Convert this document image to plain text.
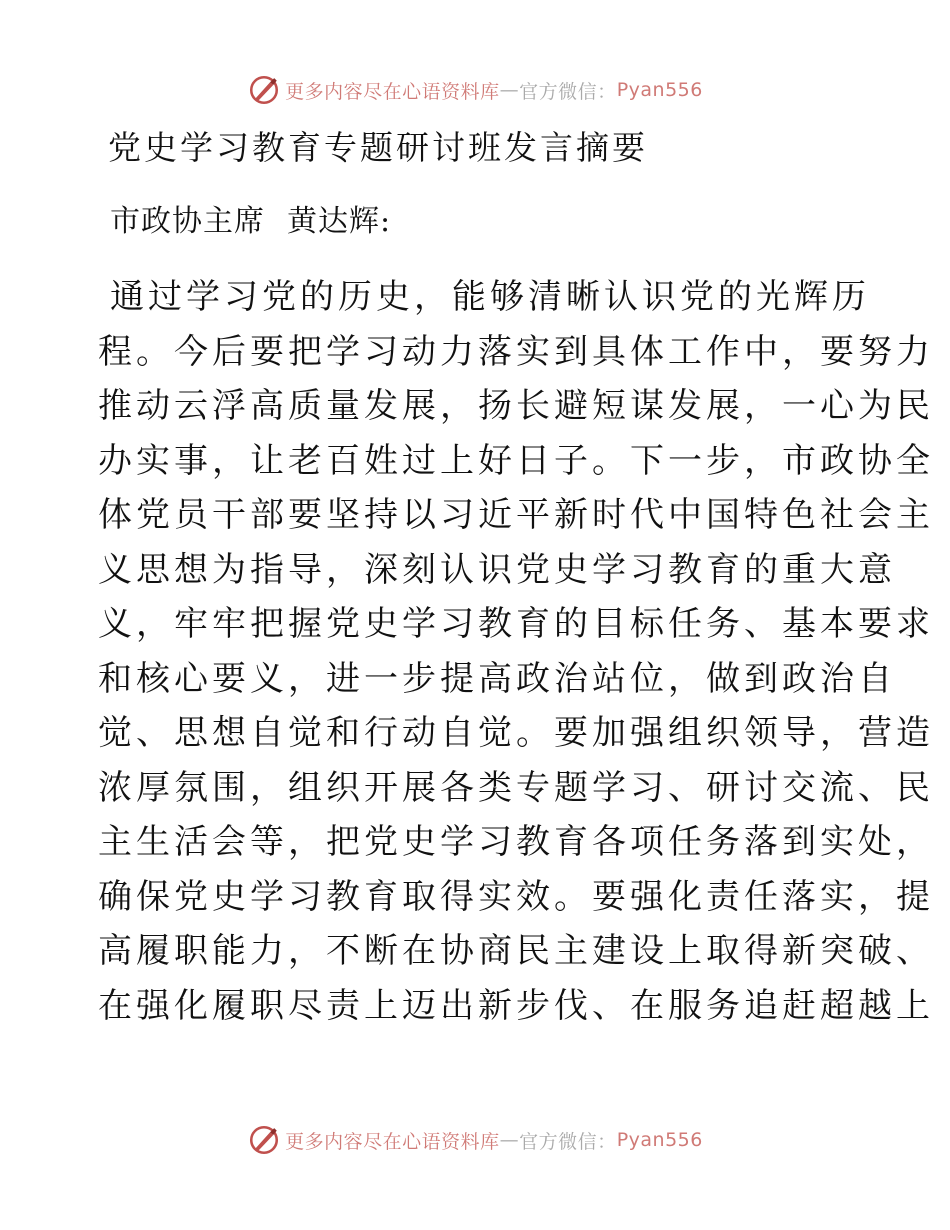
更多内容尽在心语资料库 — 官方微信： Pyan556
党史学习教育专题研讨班发言摘要
市政协主席 黄达辉:
通过学习党的历史，能够清晰认识党的光辉历
程。今后要把学习动力落实到具体工作中，要努力
推动云浮高质量发展，扬长避短谋发展，一心为民
办实事，让老百姓过上好日子。下一步，市政协全
体党员干部要坚持以习近平新时代中国特色社会主
义思想为指导，深刻认识党史学习教育的重大意
义，牢牢把握党史学习教育的目标任务、基本要求
和核心要义，进一步提高政治站位，做到政治自
觉、思想自觉和行动自觉。要加强组织领导，营造
浓厚氛围，组织开展各类专题学习、研讨交流、民
主生活会等，把党史学习教育各项任务落到实处，
确保党史学习教育取得实效。要强化责任落实，提
高履职能力，不断在协商民主建设上取得新突破、
在强化履职尽责上迈出新步伐、在服务追赶超越上
更多内容尽在心语资料库 — 官方微信： Pyan556
